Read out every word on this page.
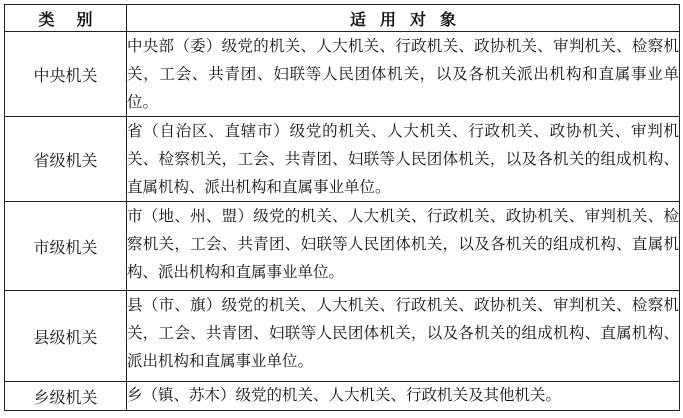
类 别	适 用 对 象
中央机关	中央部（委）级党的机关、人大机关、行政机关、政协机关、审判机关、检察机关，工会、共青团、妇联等人民团体机关，以及各机关派出机构和直属事业单位。
省级机关	省（自治区、直辖市）级党的机关、人大机关、行政机关、政协机关、审判机关、检察机关，工会、共青团、妇联等人民团体机关，以及各机关的组成机构、直属机构、派出机构和直属事业单位。
市级机关	市（地、州、盟）级党的机关、人大机关、行政机关、政协机关、审判机关、检察机关，工会、共青团、妇联等人民团体机关，以及各机关的组成机构、直属机构、派出机构和直属事业单位。
县级机关	县（市、旗）级党的机关、人大机关、行政机关、政协机关、审判机关、检察机关，工会、共青团、妇联等人民团体机关，以及各机关的组成机构、直属机构、派出机构和直属事业单位。
乡级机关	乡（镇、苏木）级党的机关、人大机关、行政机关及其他机关。
